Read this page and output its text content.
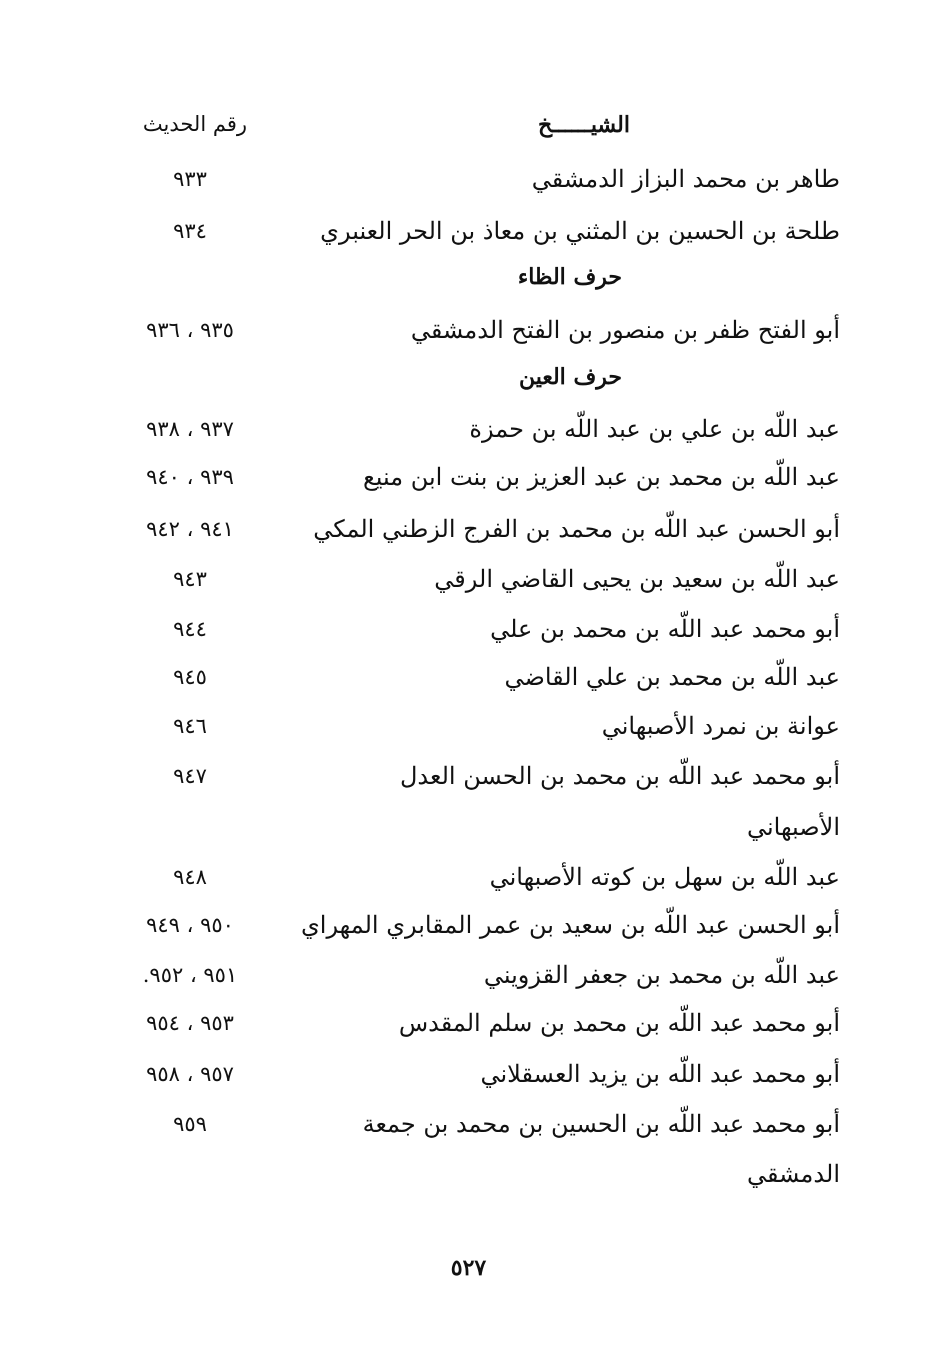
الشيــــــخ
رقم الحديث
طاهر بن محمد البزاز الدمشقي
٩٣٣
طلحة بن الحسين بن المثني بن معاذ بن الحر العنبري
٩٣٤
حرف الظاء
أبو الفتح ظفر بن منصور بن الفتح الدمشقي
٩٣٥ ، ٩٣٦
حرف العين
عبد اللّه بن علي بن عبد اللّه بن حمزة
٩٣٧ ، ٩٣٨
عبد اللّه بن محمد بن عبد العزيز بن بنت ابن منيع
٩٣٩ ، ٩٤٠
أبو الحسن عبد اللّه بن محمد بن الفرج الزطني المكي
٩٤١ ، ٩٤٢
عبد اللّه بن سعيد بن يحيى القاضي الرقي
٩٤٣
أبو محمد عبد اللّه بن محمد بن علي
٩٤٤
عبد اللّه بن محمد بن علي القاضي
٩٤٥
عوانة بن نمرد الأصبهاني
٩٤٦
أبو محمد عبد اللّه بن محمد بن الحسن العدل
٩٤٧
الأصبهاني
عبد اللّه بن سهل بن كوته الأصبهاني
٩٤٨
أبو الحسن عبد اللّه بن سعيد بن عمر المقابري المهراي
٩٥٠ ، ٩٤٩
عبد اللّه بن محمد بن جعفر القزويني
٩٥١ ، ٩٥٢.
أبو محمد عبد اللّه بن محمد بن سلم المقدس
٩٥٣ ، ٩٥٤
أبو محمد عبد اللّه بن يزيد العسقلاني
٩٥٧ ، ٩٥٨
أبو محمد عبد اللّه بن الحسين بن محمد بن جمعة
٩٥٩
الدمشقي
٥٢٧
